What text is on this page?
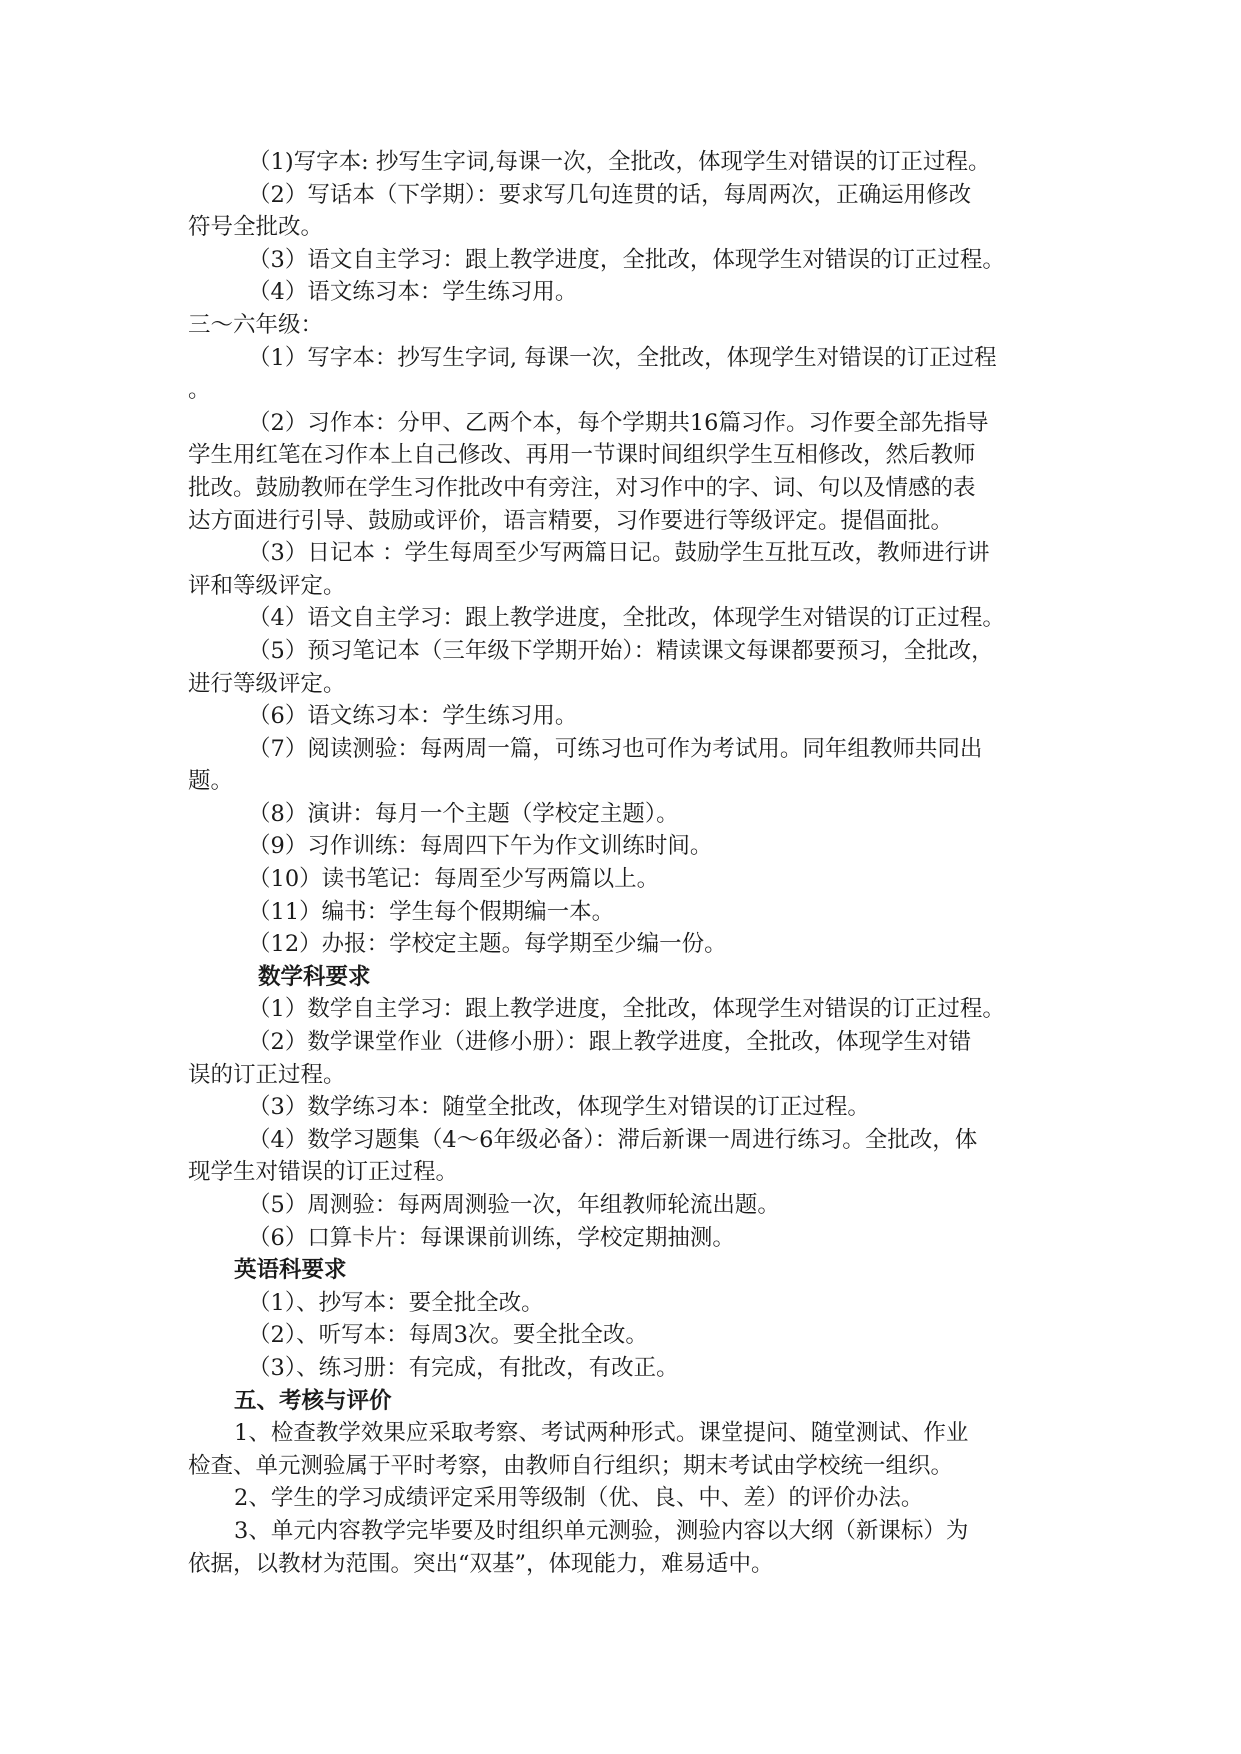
（1)写字本: 抄写生字词,每课一次，全批改，体现学生对错误的订正过程。
（2）写话本（下学期）：要求写几句连贯的话，每周两次，正确运用修改
符号全批改。
（3）语文自主学习：跟上教学进度，全批改，体现学生对错误的订正过程。
（4）语文练习本：学生练习用。
三～六年级：
（1）写字本：抄写生字词, 每课一次，全批改，体现学生对错误的订正过程
。
（2）习作本：分甲、乙两个本，每个学期共16篇习作。习作要全部先指导
学生用红笔在习作本上自己修改、再用一节课时间组织学生互相修改，然后教师
批改。鼓励教师在学生习作批改中有旁注，对习作中的字、词、句以及情感的表
达方面进行引导、鼓励或评价，语言精要，习作要进行等级评定。提倡面批。
（3）日记本 ：学生每周至少写两篇日记。鼓励学生互批互改，教师进行讲
评和等级评定。
（4）语文自主学习：跟上教学进度，全批改，体现学生对错误的订正过程。
（5）预习笔记本（三年级下学期开始）：精读课文每课都要预习，全批改，
进行等级评定。
（6）语文练习本：学生练习用。
（7）阅读测验：每两周一篇，可练习也可作为考试用。同年组教师共同出
题。
（8）演讲：每月一个主题（学校定主题）。
（9）习作训练：每周四下午为作文训练时间。
（10）读书笔记：每周至少写两篇以上。
（11）编书：学生每个假期编一本。
（12）办报：学校定主题。每学期至少编一份。
数学科要求
（1）数学自主学习：跟上教学进度，全批改，体现学生对错误的订正过程。
（2）数学课堂作业（进修小册）：跟上教学进度，全批改，体现学生对错
误的订正过程。
（3）数学练习本：随堂全批改，体现学生对错误的订正过程。
（4）数学习题集（4～6年级必备）：滞后新课一周进行练习。全批改，体
现学生对错误的订正过程。
（5）周测验：每两周测验一次，年组教师轮流出题。
（6）口算卡片：每课课前训练，学校定期抽测。
英语科要求
（1）、抄写本：要全批全改。
（2）、听写本：每周3次。要全批全改。
（3）、练习册：有完成，有批改，有改正。
五、考核与评价
1、检查教学效果应采取考察、考试两种形式。课堂提问、随堂测试、作业
检查、单元测验属于平时考察，由教师自行组织；期末考试由学校统一组织。
2、学生的学习成绩评定采用等级制（优、良、中、差）的评价办法。
3、单元内容教学完毕要及时组织单元测验，测验内容以大纲（新课标）为
依据，以教材为范围。突出“双基”，体现能力，难易适中。
